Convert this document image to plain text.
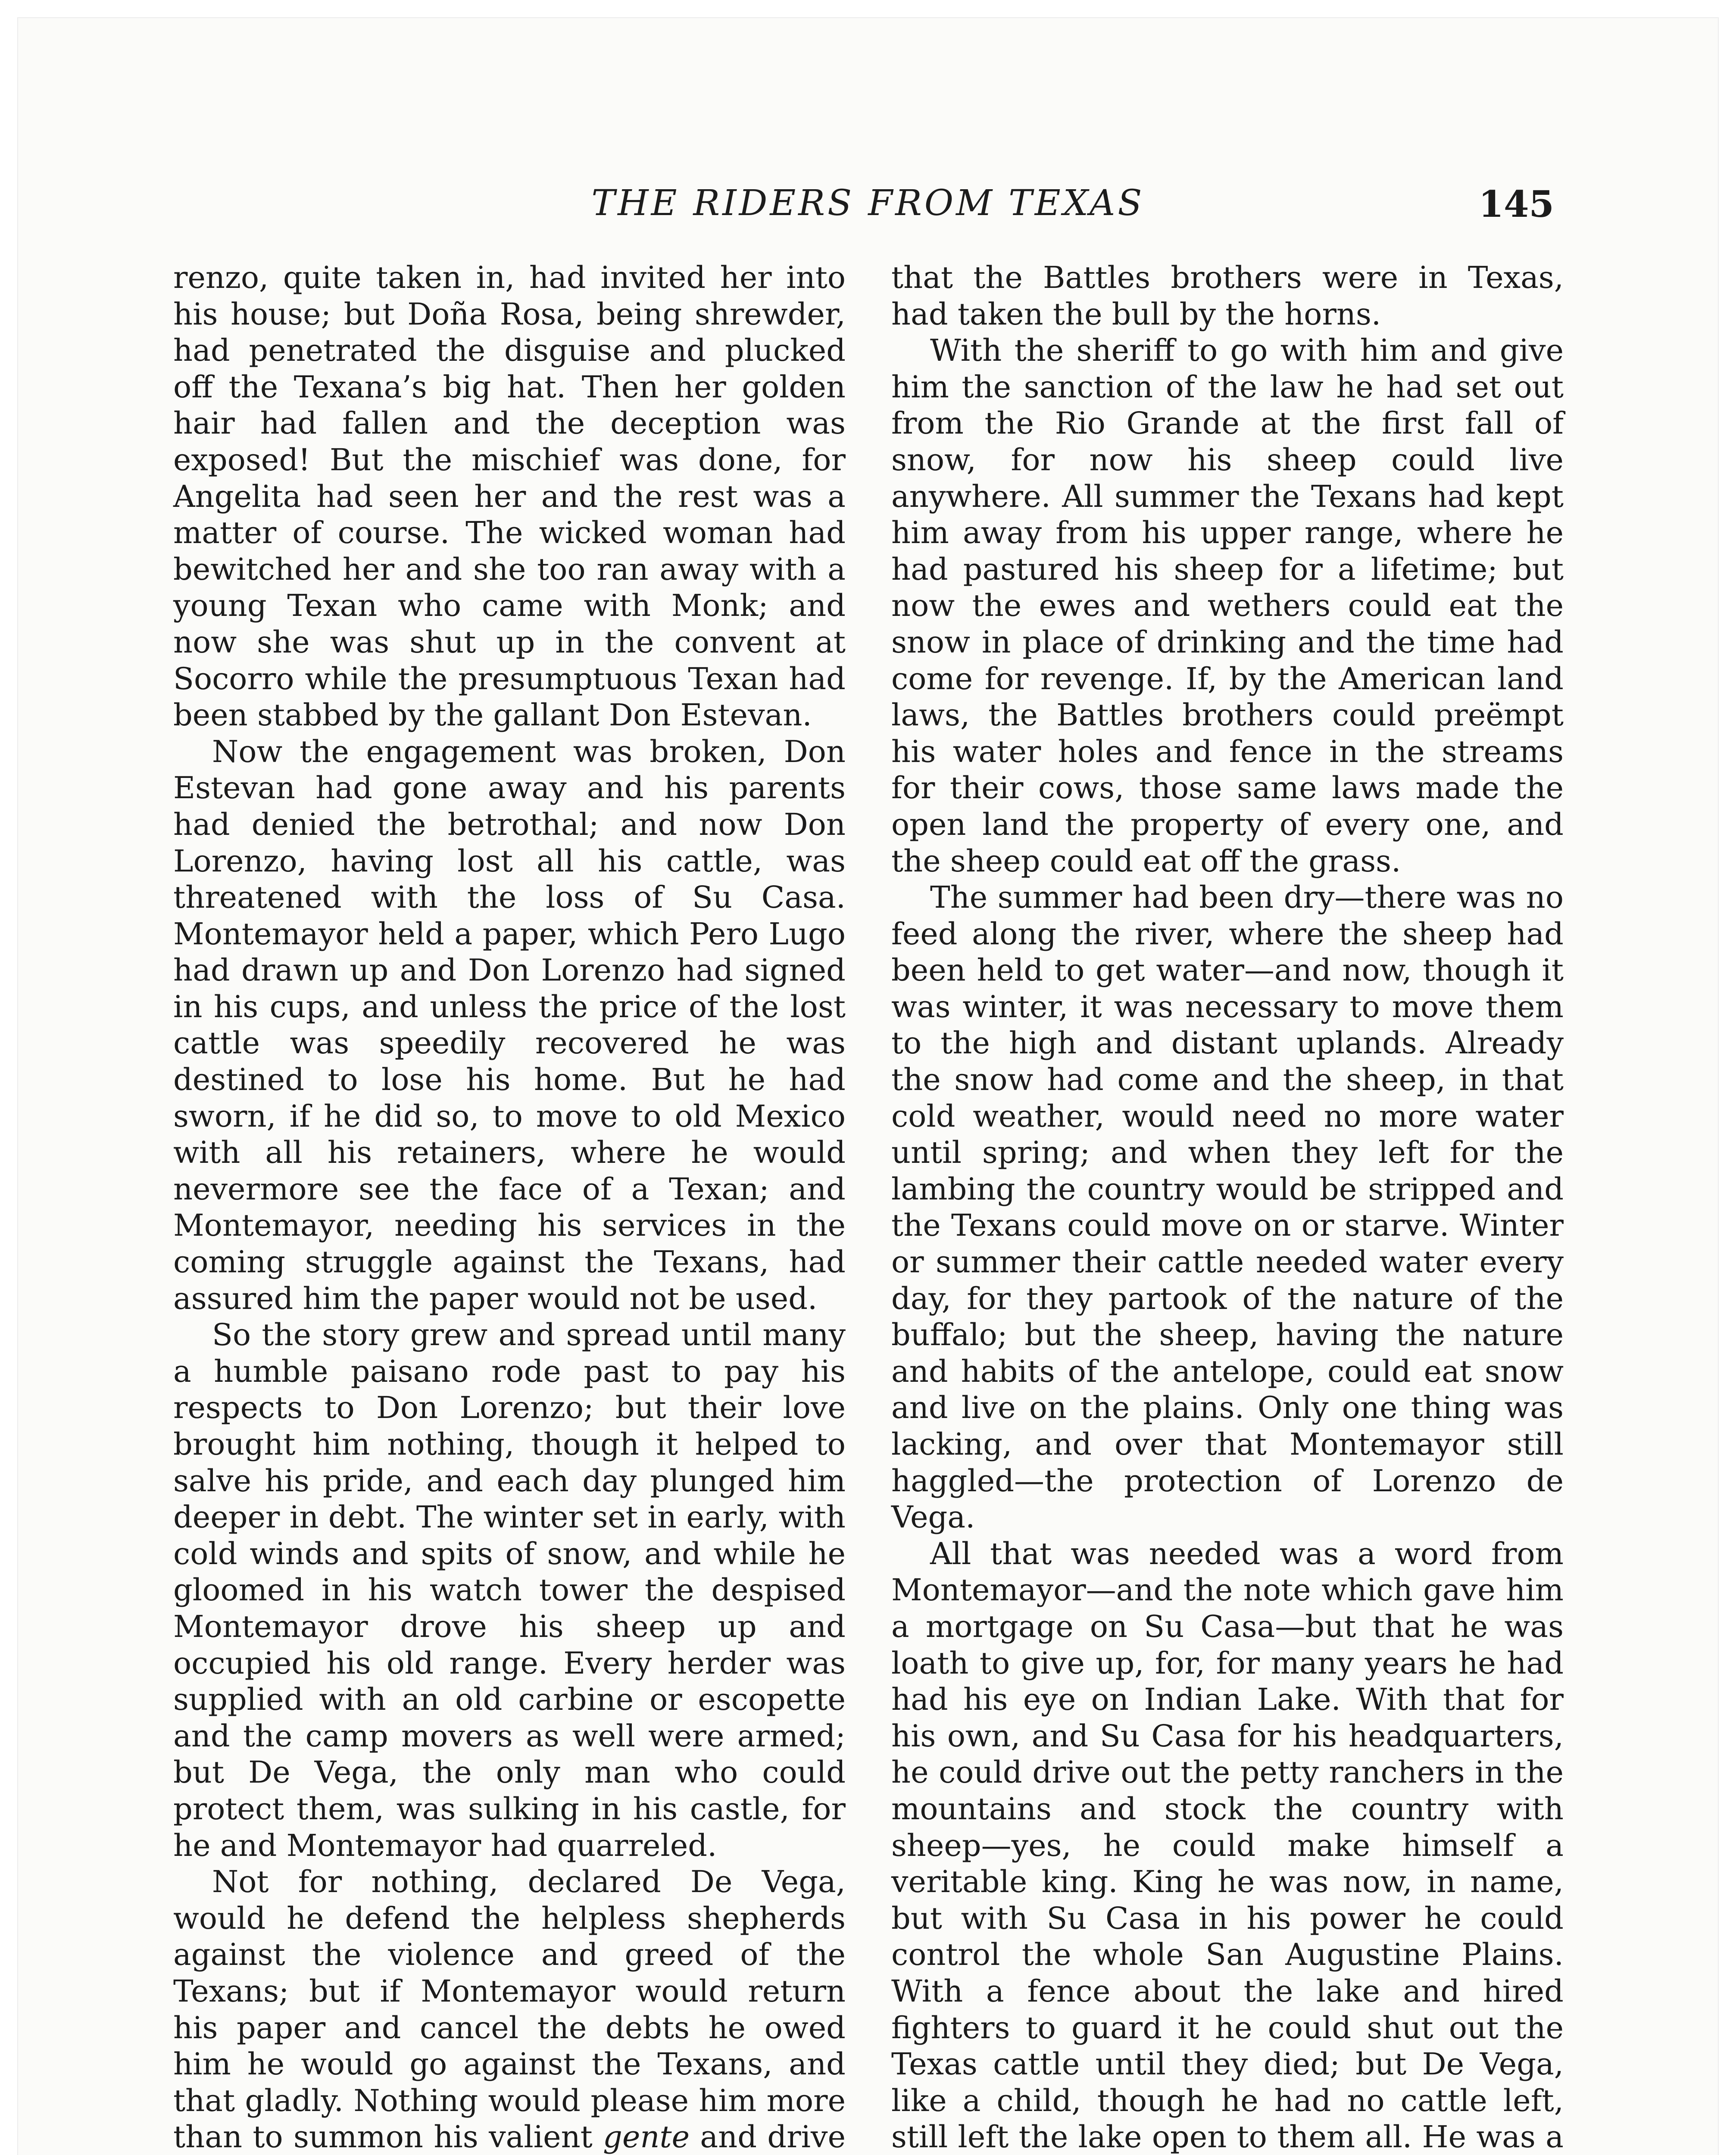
THE RIDERS FROM TEXAS	145

renzo, quite taken in, had invited her into his house; but Doña Rosa, being shrewder, had penetrated the disguise and plucked off the Texana’s big hat. Then her golden hair had fallen and the deception was exposed! But the mischief was done, for Angelita had seen her and the rest was a matter of course. The wicked woman had bewitched her and she too ran away with a young Texan who came with Monk; and now she was shut up in the convent at Socorro while the presumptuous Texan had been stabbed by the gallant Don Estevan.

Now the engagement was broken, Don Estevan had gone away and his parents had denied the betrothal; and now Don Lorenzo, having lost all his cattle, was threatened with the loss of Su Casa. Montemayor held a paper, which Pero Lugo had drawn up and Don Lorenzo had signed in his cups, and unless the price of the lost cattle was speedily recovered he was destined to lose his home. But he had sworn, if he did so, to move to old Mexico with all his retainers, where he would nevermore see the face of a Texan; and Montemayor, needing his services in the coming struggle against the Texans, had assured him the paper would not be used.

So the story grew and spread until many a humble paisano rode past to pay his respects to Don Lorenzo; but their love brought him nothing, though it helped to salve his pride, and each day plunged him deeper in debt. The winter set in early, with cold winds and spits of snow, and while he gloomed in his watch tower the despised Montemayor drove his sheep up and occupied his old range. Every herder was supplied with an old carbine or escopette and the camp movers as well were armed; but De Vega, the only man who could protect them, was sulking in his castle, for he and Montemayor had quarreled.

Not for nothing, declared De Vega, would he defend the helpless shepherds against the violence and greed of the Texans; but if Montemayor would return his paper and cancel the debts he owed him he would go against the Texans, and that gladly. Nothing would please him more than to summon his valient gente and drive

that the Battles brothers were in Texas, had taken the bull by the horns.

With the sheriff to go with him and give him the sanction of the law he had set out from the Rio Grande at the first fall of snow, for now his sheep could live anywhere. All summer the Texans had kept him away from his upper range, where he had pastured his sheep for a lifetime; but now the ewes and wethers could eat the snow in place of drinking and the time had come for revenge. If, by the American land laws, the Battles brothers could preëmpt his water holes and fence in the streams for their cows, those same laws made the open land the property of every one, and the sheep could eat off the grass.

The summer had been dry—there was no feed along the river, where the sheep had been held to get water—and now, though it was winter, it was necessary to move them to the high and distant uplands. Already the snow had come and the sheep, in that cold weather, would need no more water until spring; and when they left for the lambing the country would be stripped and the Texans could move on or starve. Winter or summer their cattle needed water every day, for they partook of the nature of the buffalo; but the sheep, having the nature and habits of the antelope, could eat snow and live on the plains. Only one thing was lacking, and over that Montemayor still haggled—the protection of Lorenzo de Vega.

All that was needed was a word from Montemayor—and the note which gave him a mortgage on Su Casa—but that he was loath to give up, for, for many years he had had his eye on Indian Lake. With that for his own, and Su Casa for his headquarters, he could drive out the petty ranchers in the mountains and stock the country with sheep—yes, he could make himself a veritable king. King he was now, in name, but with Su Casa in his power he could control the whole San Augustine Plains. With a fence about the lake and hired fighters to guard it he could shut out the Texas cattle until they died; but De Vega, like a child, though he had no cattle left, still left the lake open to them all. He was a
